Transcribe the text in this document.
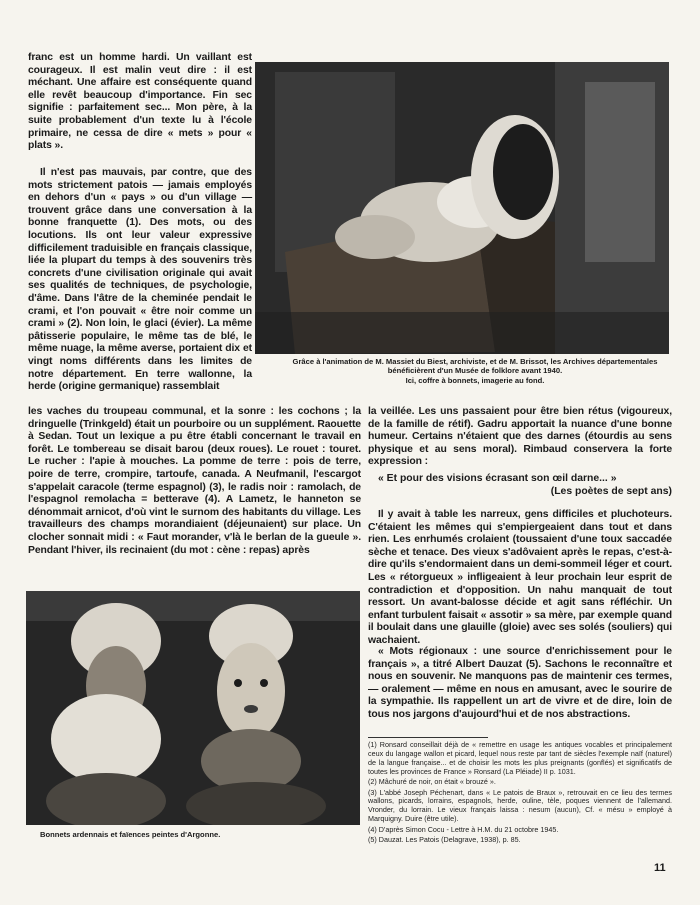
franc est un homme hardi. Un vaillant est courageux. Il est malin veut dire : il est méchant. Une affaire est conséquente quand elle revêt beaucoup d'importance. Fin sec signifie : parfaitement sec... Mon père, à la suite probablement d'un texte lu à l'école primaire, ne cessa de dire « mets » pour « plats ».

Il n'est pas mauvais, par contre, que des mots strictement patois — jamais employés en dehors d'un « pays » ou d'un village — trouvent grâce dans une conversation à la bonne franquette (1). Des mots, ou des locutions. Ils ont leur valeur expressive difficilement traduisible en français classique, liée la plupart du temps à des souvenirs très concrets d'une civilisation originale qui avait ses qualités de techniques, de psychologie, d'âme. Dans l'âtre de la cheminée pendait le crami, et l'on pouvait « être noir comme un crami » (2). Non loin, le glaci (évier). La même pâtisserie populaire, le même tas de blé, le même nuage, la même averse, portaient dix et vingt noms différents dans les limites de notre département. En terre wallonne, la herde (origine germanique) rassemblait

les vaches du troupeau communal, et la sonre : les cochons ; la dringuelle (Trinkgeld) était un pourboire ou un supplément. Raouette à Sedan. Tout un lexique a pu être établi concernant le travail en forêt. Le tombereau se disait barou (deux roues). Le rouet : touret. Le rucher : l'apie à mouches. La pomme de terre : pois de terre, poire de terre, crompire, tartoufe, canada. A Neufmanil, l'escargot s'appelait caracole (terme espagnol) (3), le radis noir : ramolach, de l'espagnol remolacha = betterave (4). A Lametz, le hanneton se dénommait arnicot, d'où vint le surnom des habitants du village. Les travailleurs des champs morandiaient (déjeunaient) sur place. Un clocher sonnait midi : « Faut morander, v'là le berlan de la gueule ». Pendant l'hiver, ils recinaient (du mot : cène : repas) après

Grâce à l'animation de M. Massiet du Biest, archiviste, et de M. Brissot, les Archives départementales bénéficièrent d'un Musée de folklore avant 1940.

Ici, coffre à bonnets, imagerie au fond.

la veillée. Les uns passaient pour être bien rétus (vigoureux, de la famille de rétif). Gadru apportait la nuance d'une bonne humeur. Certains n'étaient que des darnes (étourdis au sens physique et au sens moral). Rimbaud conservera la forte expression :

« Et pour des visions écrasant son œil darne... »
(Les poètes de sept ans)

Il y avait à table les narreux, gens difficiles et pluchoteurs. C'étaient les mêmes qui s'empiergeaient dans tout et dans rien. Les enrhumés crolaient (toussaient d'une toux saccadée sèche et tenace. Des vieux s'adôvaient après le repas, c'est-à-dire qu'ils s'endormaient dans un demi-sommeil léger et court. Les « rétorgueux » infligeaient à leur prochain leur esprit de contradiction et d'opposition. Un nahu manquait de tout ressort. Un avant-balosse décide et agit sans réfléchir. Un enfant turbulent faisait « assotir » sa mère, par exemple quand il boulait dans une glauille (gloie) avec ses solés (souliers) qui wachaient.

« Mots régionaux : une source d'enrichissement pour le français », a titré Albert Dauzat (5). Sachons le reconnaître et nous en souvenir. Ne manquons pas de maintenir ces termes, — oralement — même en nous en amusant, avec le sourire de la sympathie. Ils rappellent un art de vivre et de dire, loin de tous nos jargons d'aujourd'hui et de nos abstractions.

Bonnets ardennais et faïences peintes d'Argonne.

(1) Ronsard conseillait déjà de « remettre en usage les antiques vocables et principalement ceux du langage wallon et picard, lequel nous reste par tant de siècles l'exemple naïf (naturel) de la langue française... et de choisir les mots les plus preignants (gonflés) et significatifs de toutes les provinces de France » Ronsard (La Pléiade) II p. 1031.

(2) Mâchuré de noir, on était « brouzé ».

(3) L'abbé Joseph Péchenart, dans « Le patois de Braux », retrouvait en ce lieu des termes wallons, picards, lorrains, espagnols, herde, ouline, tèle, poques viennent de l'allemand. Vronder, du lorrain. Le vieux français laissa : nesum (aucun), Cf. « mésu » employé à Marquigny. Duire (être utile).

(4) D'après Simon Cocu - Lettre à H.M. du 21 octobre 1945.

(5) Dauzat. Les Patois (Delagrave, 1938), p. 85.

11
